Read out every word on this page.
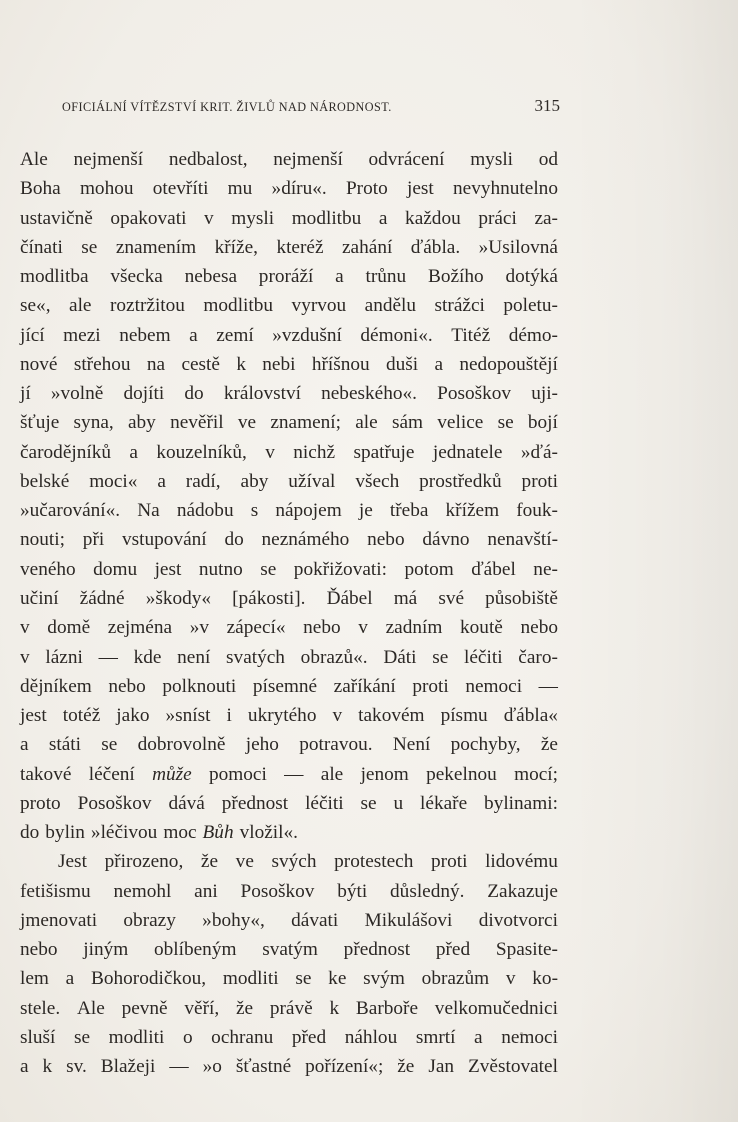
OFICIÁLNÍ VÍTĚZSTVÍ KRIT. ŽIVLŮ NAD NÁRODNOST.	315
Ale nejmenší nedbalost, nejmenší odvrácení mysli od
Boha mohou otevříti mu »díru«. Proto jest nevyhnutelno
ustavičně opakovati v mysli modlitbu a každou práci za-
čínati se znamením kříže, kteréž zahání ďábla. »Usilovná
modlitba všecka nebesa proráží a trůnu Božího dotýká
se«, ale roztržitou modlitbu vyrvou andělu strážci poletu-
jící mezi nebem a zemí »vzdušní démoni«. Titéž démo-
nové střehou na cestě k nebi hříšnou duši a nedopouštějí
jí »volně dojíti do království nebeského«. Posoškov uji-
šťuje syna, aby nevěřil ve znamení; ale sám velice se bojí
čarodějníků a kouzelníků, v nichž spatřuje jednatele »ďá-
belské moci« a radí, aby užíval všech prostředků proti
»učarování«. Na nádobu s nápojem je třeba křížem fouk-
nouti; při vstupování do neznámého nebo dávno nenavští-
veného domu jest nutno se pokřižovati: potom ďábel ne-
učiní žádné »škody« [pákosti]. Ďábel má své působiště
v domě zejména »v zápecí« nebo v zadním koutě nebo
v lázni — kde není svatých obrazů«. Dáti se léčiti čaro-
dějníkem nebo polknouti písemné zaříkání proti nemoci —
jest totéž jako »sníst i ukrytého v takovém písmu ďábla«
a státi se dobrovolně jeho potravou. Není pochyby, že
takové léčení může pomoci — ale jenom pekelnou mocí;
proto Posoškov dává přednost léčiti se u lékaře bylinami:
do bylin »léčivou moc Bůh vložil«.
Jest přirozeno, že ve svých protestech proti lidovému
fetišismu nemohl ani Posoškov býti důsledný. Zakazuje
jmenovati obrazy »bohy«, dávati Mikulášovi divotvorci
nebo jiným oblíbeným svatým přednost před Spasite-
lem a Bohorodičkou, modliti se ke svým obrazům v ko-
stele. Ale pevně věří, že právě k Barboře velkomučednici
sluší se modliti o ochranu před náhlou smrtí a nemoci
a k sv. Blažeji — »o šťastné pořízení«; že Jan Zvěstovatel
